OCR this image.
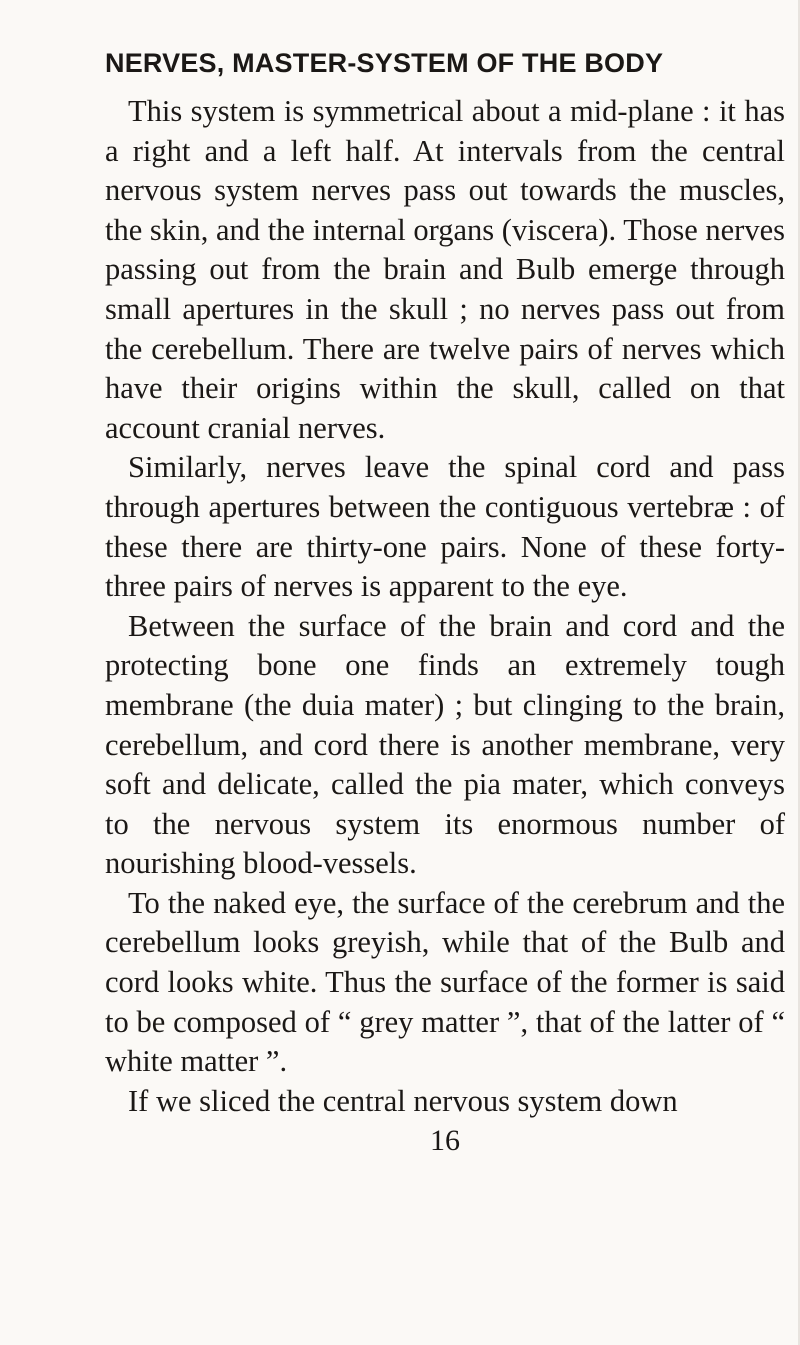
NERVES, MASTER-SYSTEM OF THE BODY

This system is symmetrical about a mid-plane : it has a right and a left half. At intervals from the central nervous system nerves pass out towards the muscles, the skin, and the internal organs (viscera). Those nerves passing out from the brain and Bulb emerge through small apertures in the skull ; no nerves pass out from the cerebellum. There are twelve pairs of nerves which have their origins within the skull, called on that account cranial nerves.

Similarly, nerves leave the spinal cord and pass through apertures between the contiguous vertebræ : of these there are thirty-one pairs. None of these forty-three pairs of nerves is apparent to the eye.

Between the surface of the brain and cord and the protecting bone one finds an extremely tough membrane (the duia mater) ; but clinging to the brain, cerebellum, and cord there is another membrane, very soft and delicate, called the pia mater, which conveys to the nervous system its enormous number of nourishing blood-vessels.

To the naked eye, the surface of the cerebrum and the cerebellum looks greyish, while that of the Bulb and cord looks white. Thus the surface of the former is said to be composed of “ grey matter ”, that of the latter of “ white matter ”.

If we sliced the central nervous system down

16
